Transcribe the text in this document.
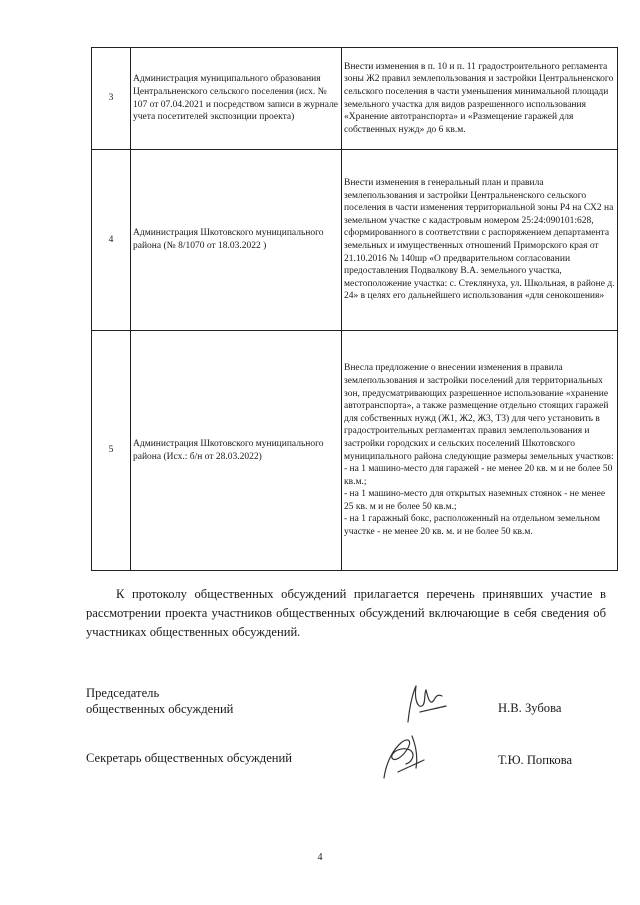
3	Администрация муниципального образования Центральненского сельского поселения (исх. № 107 от 07.04.2021 и посредством записи в журнале учета посетителей экспозиции проекта)	Внести изменения в п. 10 и п. 11 градостроительного регламента зоны Ж2 правил землепользования и застройки Центральненского сельского поселения в части уменьшения минимальной площади земельного участка для видов разрешенного использования «Хранение автотранспорта» и «Размещение гаражей для собственных нужд» до 6 кв.м.
4	Администрация Шкотовского муниципального района (№ 8/1070 от 18.03.2022 )	Внести изменения в генеральный план и правила землепользования и застройки Центральненского сельского поселения в части изменения территориальной зоны Р4 на СХ2 на земельном участке с кадастровым номером 25:24:090101:628, сформированного в соответствии с распоряжением департамента земельных и имущественных отношений Приморского края от 21.10.2016 № 140шр «О предварительном согласовании предоставления Подвалкову В.А. земельного участка, местоположение участка: с. Стеклянуха, ул. Школьная, в районе д. 24» в целях его дальнейшего использования «для сенокошения»
5	Администрация Шкотовского муниципального района (Исх.: б/н от 28.03.2022)	Внесла предложение о внесении изменения в правила землепользования и застройки поселений для территориальных зон, предусматривающих разрешенное использование «хранение автотранспорта», а также размещение отдельно стоящих гаражей для собственных нужд (Ж1, Ж2, Ж3, Т3) для чего установить в градостроительных регламентах правил землепользования и застройки городских и сельских поселений Шкотовского муниципального района следующие размеры земельных участков:
- на 1 машино-место для гаражей - не менее 20 кв. м и не более 50 кв.м.;
- на 1 машино-место для открытых наземных стоянок - не менее 25 кв. м и не более 50 кв.м.;
- на 1 гаражный бокс, расположенный на отдельном земельном участке - не менее 20 кв. м. и не более 50 кв.м.

К протоколу общественных обсуждений прилагается перечень принявших участие в рассмотрении проекта участников общественных обсуждений включающие в себя сведения об участниках общественных обсуждений.

Председатель
общественных обсуждений	Н.В. Зубова
Секретарь общественных обсуждений	Т.Ю. Попкова
4
